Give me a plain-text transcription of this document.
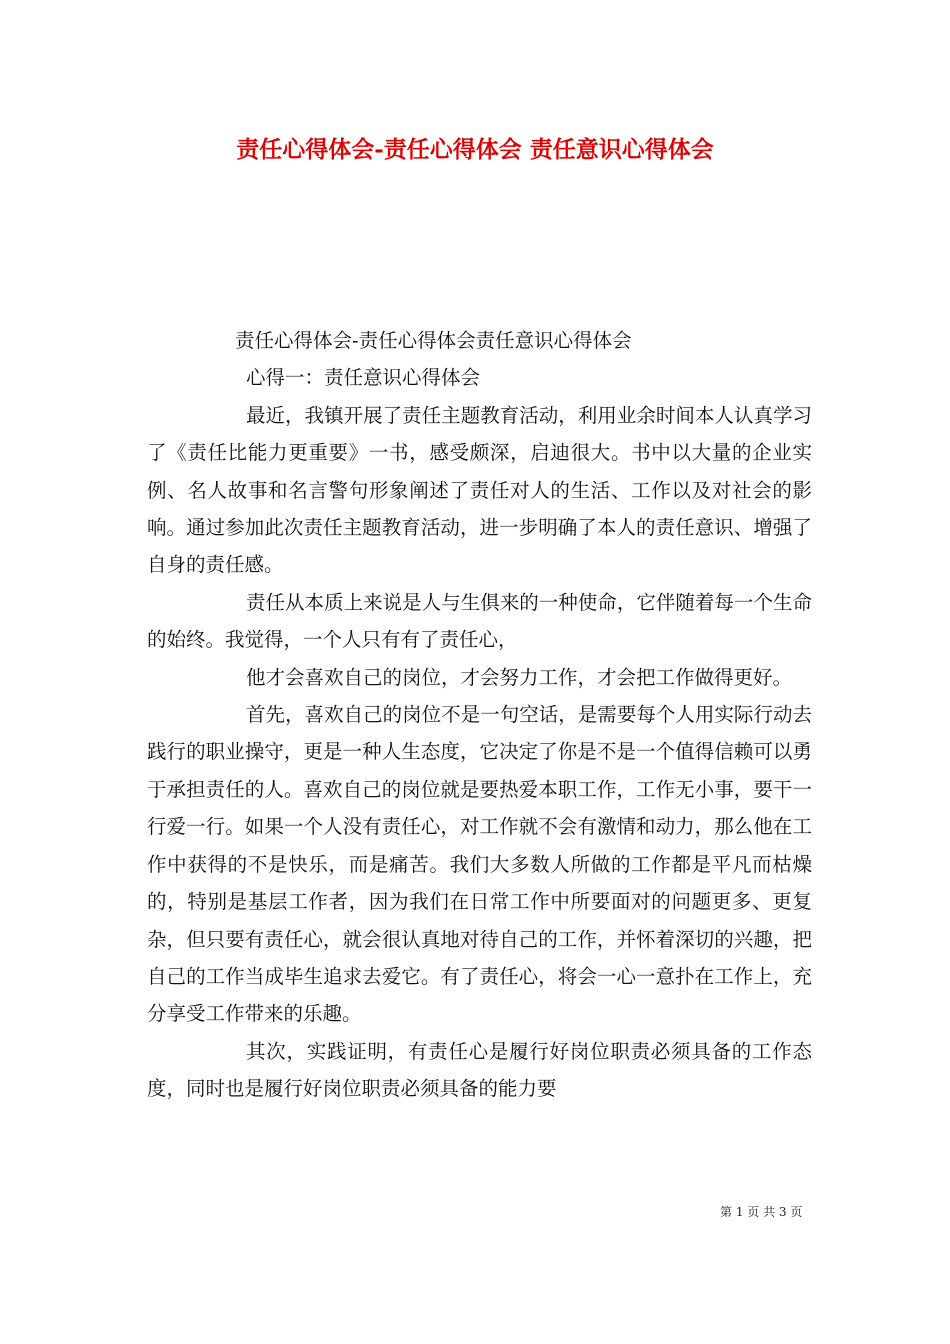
责任心得体会-责任心得体会 责任意识心得体会

责任心得体会-责任心得体会责任意识心得体会

心得一：责任意识心得体会

最近，我镇开展了责任主题教育活动，利用业余时间本人认真学习了《责任比能力更重要》一书，感受颇深，启迪很大。书中以大量的企业实例、名人故事和名言警句形象阐述了责任对人的生活、工作以及对社会的影响。通过参加此次责任主题教育活动，进一步明确了本人的责任意识、增强了自身的责任感。

责任从本质上来说是人与生俱来的一种使命，它伴随着每一个生命的始终。我觉得，一个人只有有了责任心，

他才会喜欢自己的岗位，才会努力工作，才会把工作做得更好。

首先，喜欢自己的岗位不是一句空话，是需要每个人用实际行动去践行的职业操守，更是一种人生态度，它决定了你是不是一个值得信赖可以勇于承担责任的人。喜欢自己的岗位就是要热爱本职工作，工作无小事，要干一行爱一行。如果一个人没有责任心，对工作就不会有激情和动力，那么他在工作中获得的不是快乐，而是痛苦。我们大多数人所做的工作都是平凡而枯燥的，特别是基层工作者，因为我们在日常工作中所要面对的问题更多、更复杂，但只要有责任心，就会很认真地对待自己的工作，并怀着深切的兴趣，把自己的工作当成毕生追求去爱它。有了责任心，将会一心一意扑在工作上，充分享受工作带来的乐趣。

其次，实践证明，有责任心是履行好岗位职责必须具备的工作态度，同时也是履行好岗位职责必须具备的能力要

第 1 页 共 3 页
